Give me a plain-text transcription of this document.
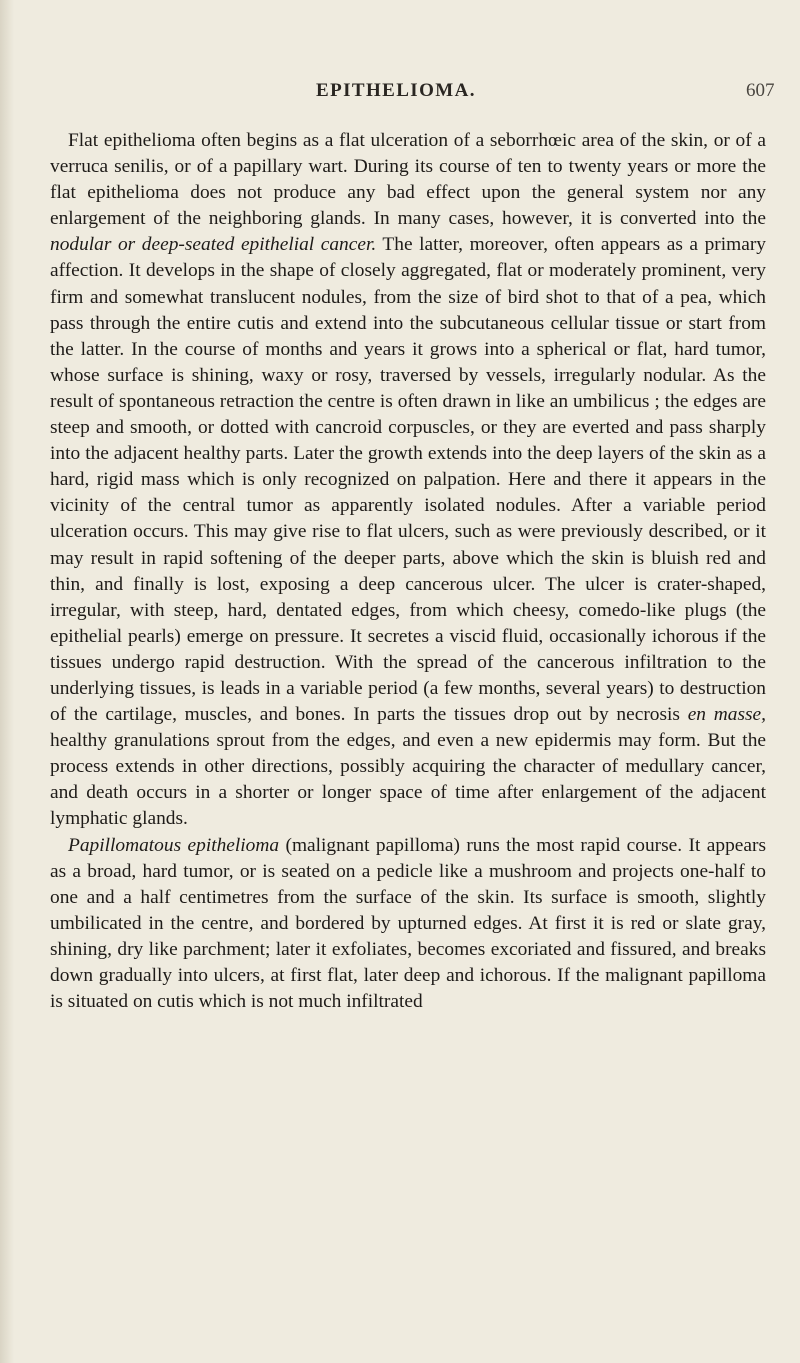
EPITHELIOMA.	607

Flat epithelioma often begins as a flat ulceration of a seborrhœic area of the skin, or of a verruca senilis, or of a papillary wart. During its course of ten to twenty years or more the flat epithelioma does not produce any bad effect upon the general system nor any enlargement of the neighboring glands. In many cases, however, it is converted into the nodular or deep-seated epithelial cancer. The latter, moreover, often appears as a primary affection. It develops in the shape of closely aggregated, flat or moderately prominent, very firm and somewhat translucent nodules, from the size of bird shot to that of a pea, which pass through the entire cutis and extend into the subcutaneous cellular tissue or start from the latter. In the course of months and years it grows into a spherical or flat, hard tumor, whose surface is shining, waxy or rosy, traversed by vessels, irregularly nodular. As the result of spontaneous retraction the centre is often drawn in like an umbilicus ; the edges are steep and smooth, or dotted with cancroid corpuscles, or they are everted and pass sharply into the adjacent healthy parts. Later the growth extends into the deep layers of the skin as a hard, rigid mass which is only recognized on palpation. Here and there it appears in the vicinity of the central tumor as apparently isolated nodules. After a variable period ulceration occurs. This may give rise to flat ulcers, such as were previously described, or it may result in rapid softening of the deeper parts, above which the skin is bluish red and thin, and finally is lost, exposing a deep cancerous ulcer. The ulcer is crater-shaped, irregular, with steep, hard, dentated edges, from which cheesy, comedo-like plugs (the epithelial pearls) emerge on pressure. It secretes a viscid fluid, occasionally ichorous if the tissues undergo rapid destruction. With the spread of the cancerous infiltration to the underlying tissues, is leads in a variable period (a few months, several years) to destruction of the cartilage, muscles, and bones. In parts the tissues drop out by necrosis en masse, healthy granulations sprout from the edges, and even a new epidermis may form. But the process extends in other directions, possibly acquiring the character of medullary cancer, and death occurs in a shorter or longer space of time after enlargement of the adjacent lymphatic glands.

Papillomatous epithelioma (malignant papilloma) runs the most rapid course. It appears as a broad, hard tumor, or is seated on a pedicle like a mushroom and projects one-half to one and a half centimetres from the surface of the skin. Its surface is smooth, slightly umbilicated in the centre, and bordered by upturned edges. At first it is red or slate gray, shining, dry like parchment; later it exfoliates, becomes excoriated and fissured, and breaks down gradually into ulcers, at first flat, later deep and ichorous. If the malignant papilloma is situated on cutis which is not much infiltrated
